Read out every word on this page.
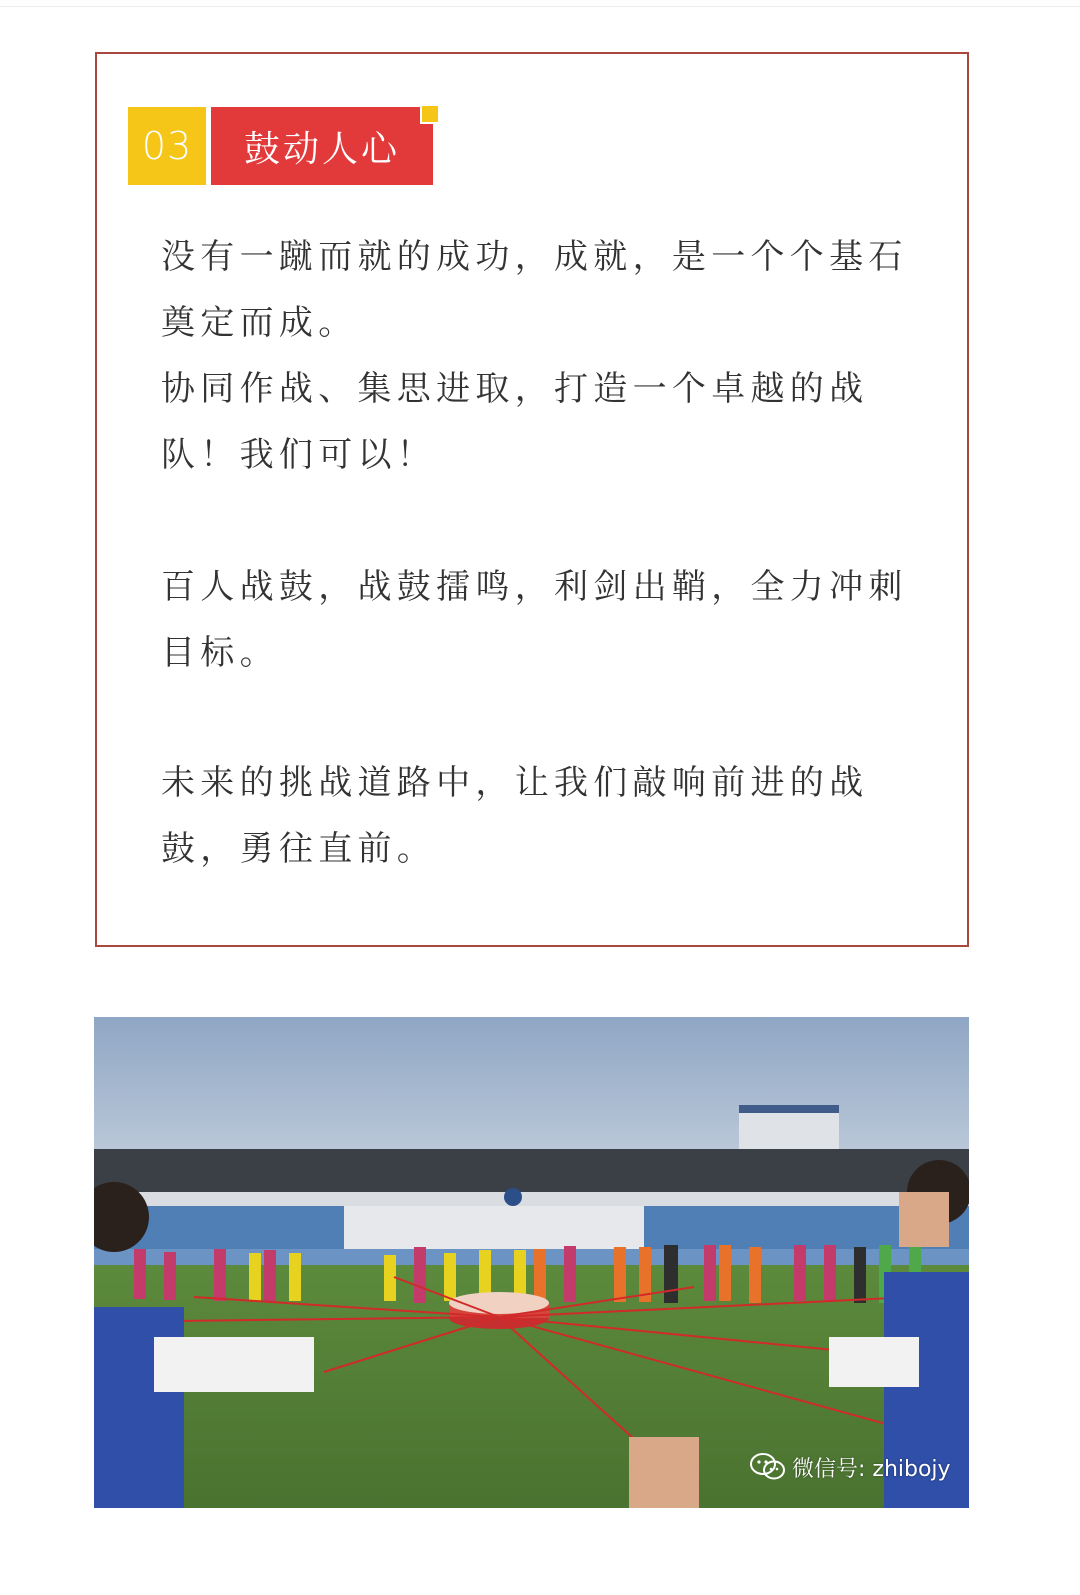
03	鼓动人心

没有一蹴而就的成功，成就，是一个个基石奠定而成。

协同作战、集思进取，打造一个卓越的战队！我们可以！

百人战鼓，战鼓擂鸣，利剑出鞘，全力冲刺目标。

未来的挑战道路中，让我们敲响前进的战鼓，勇往直前。

微信号: zhibojy
